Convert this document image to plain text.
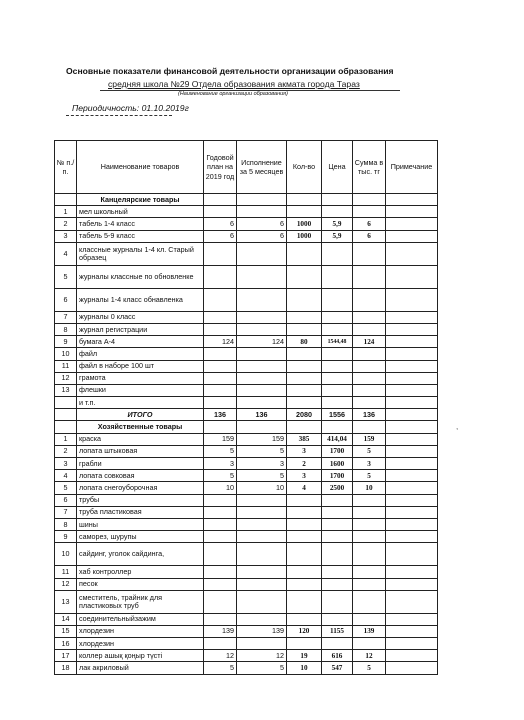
Основные показатели финансовой деятельности организации образования
средняя школа №29 Отдела образования акмата города Тараз
(Наименование организации образования)
Периодичность: 01.10.2019г
№ п./п.	Наименование товаров	Годовой план на 2019 год	Исполнение за 5 месяцев	Кол-во	Цена	Сумма в тыс. тг	Примечание
	Канцелярские товары						
1	мел школьный						
2	табель 1-4 класс	6	6	1000	5,9	6	
3	табель 5-9 класс	6	6	1000	5,9	6	
4	классные журналы 1-4 кл. Старый образец						
5	журналы классные по обновленке						
6	журналы 1-4 класс обнавленка						
7	журналы 0 класс						
8	журнал регистрации						
9	бумага А-4	124	124	80	1544,48	124	
10	файл						
11	файл в наборе 100 шт						
12	грамота						
13	флешки						
	и т.п.						
	ИТОГО	136	136	2080	1556	136	
	Хозяйственные товары						
1	краска	159	159	385	414,04	159	
2	лопата штыковая	5	5	3	1700	5	
3	грабли	3	3	2	1600	3	
4	лопата совковая	5	5	3	1700	5	
5	лопата снегоуборочная	10	10	4	2500	10	
6	трубы						
7	труба пластиковая						
8	шины						
9	саморез, шурупы						
10	сайдинг, уголок сайдинга,						
11	хаб контроллер						
12	песок						
13	сместитель, трайник для пластиковых труб						
14	соединительныйзажим						
15	хлордезин	139	139	120	1155	139	
16	хлордезин						
17	коллер ашық қоңыр түсті	12	12	19	616	12	
18	лак акриловый	5	5	10	547	5	
,
